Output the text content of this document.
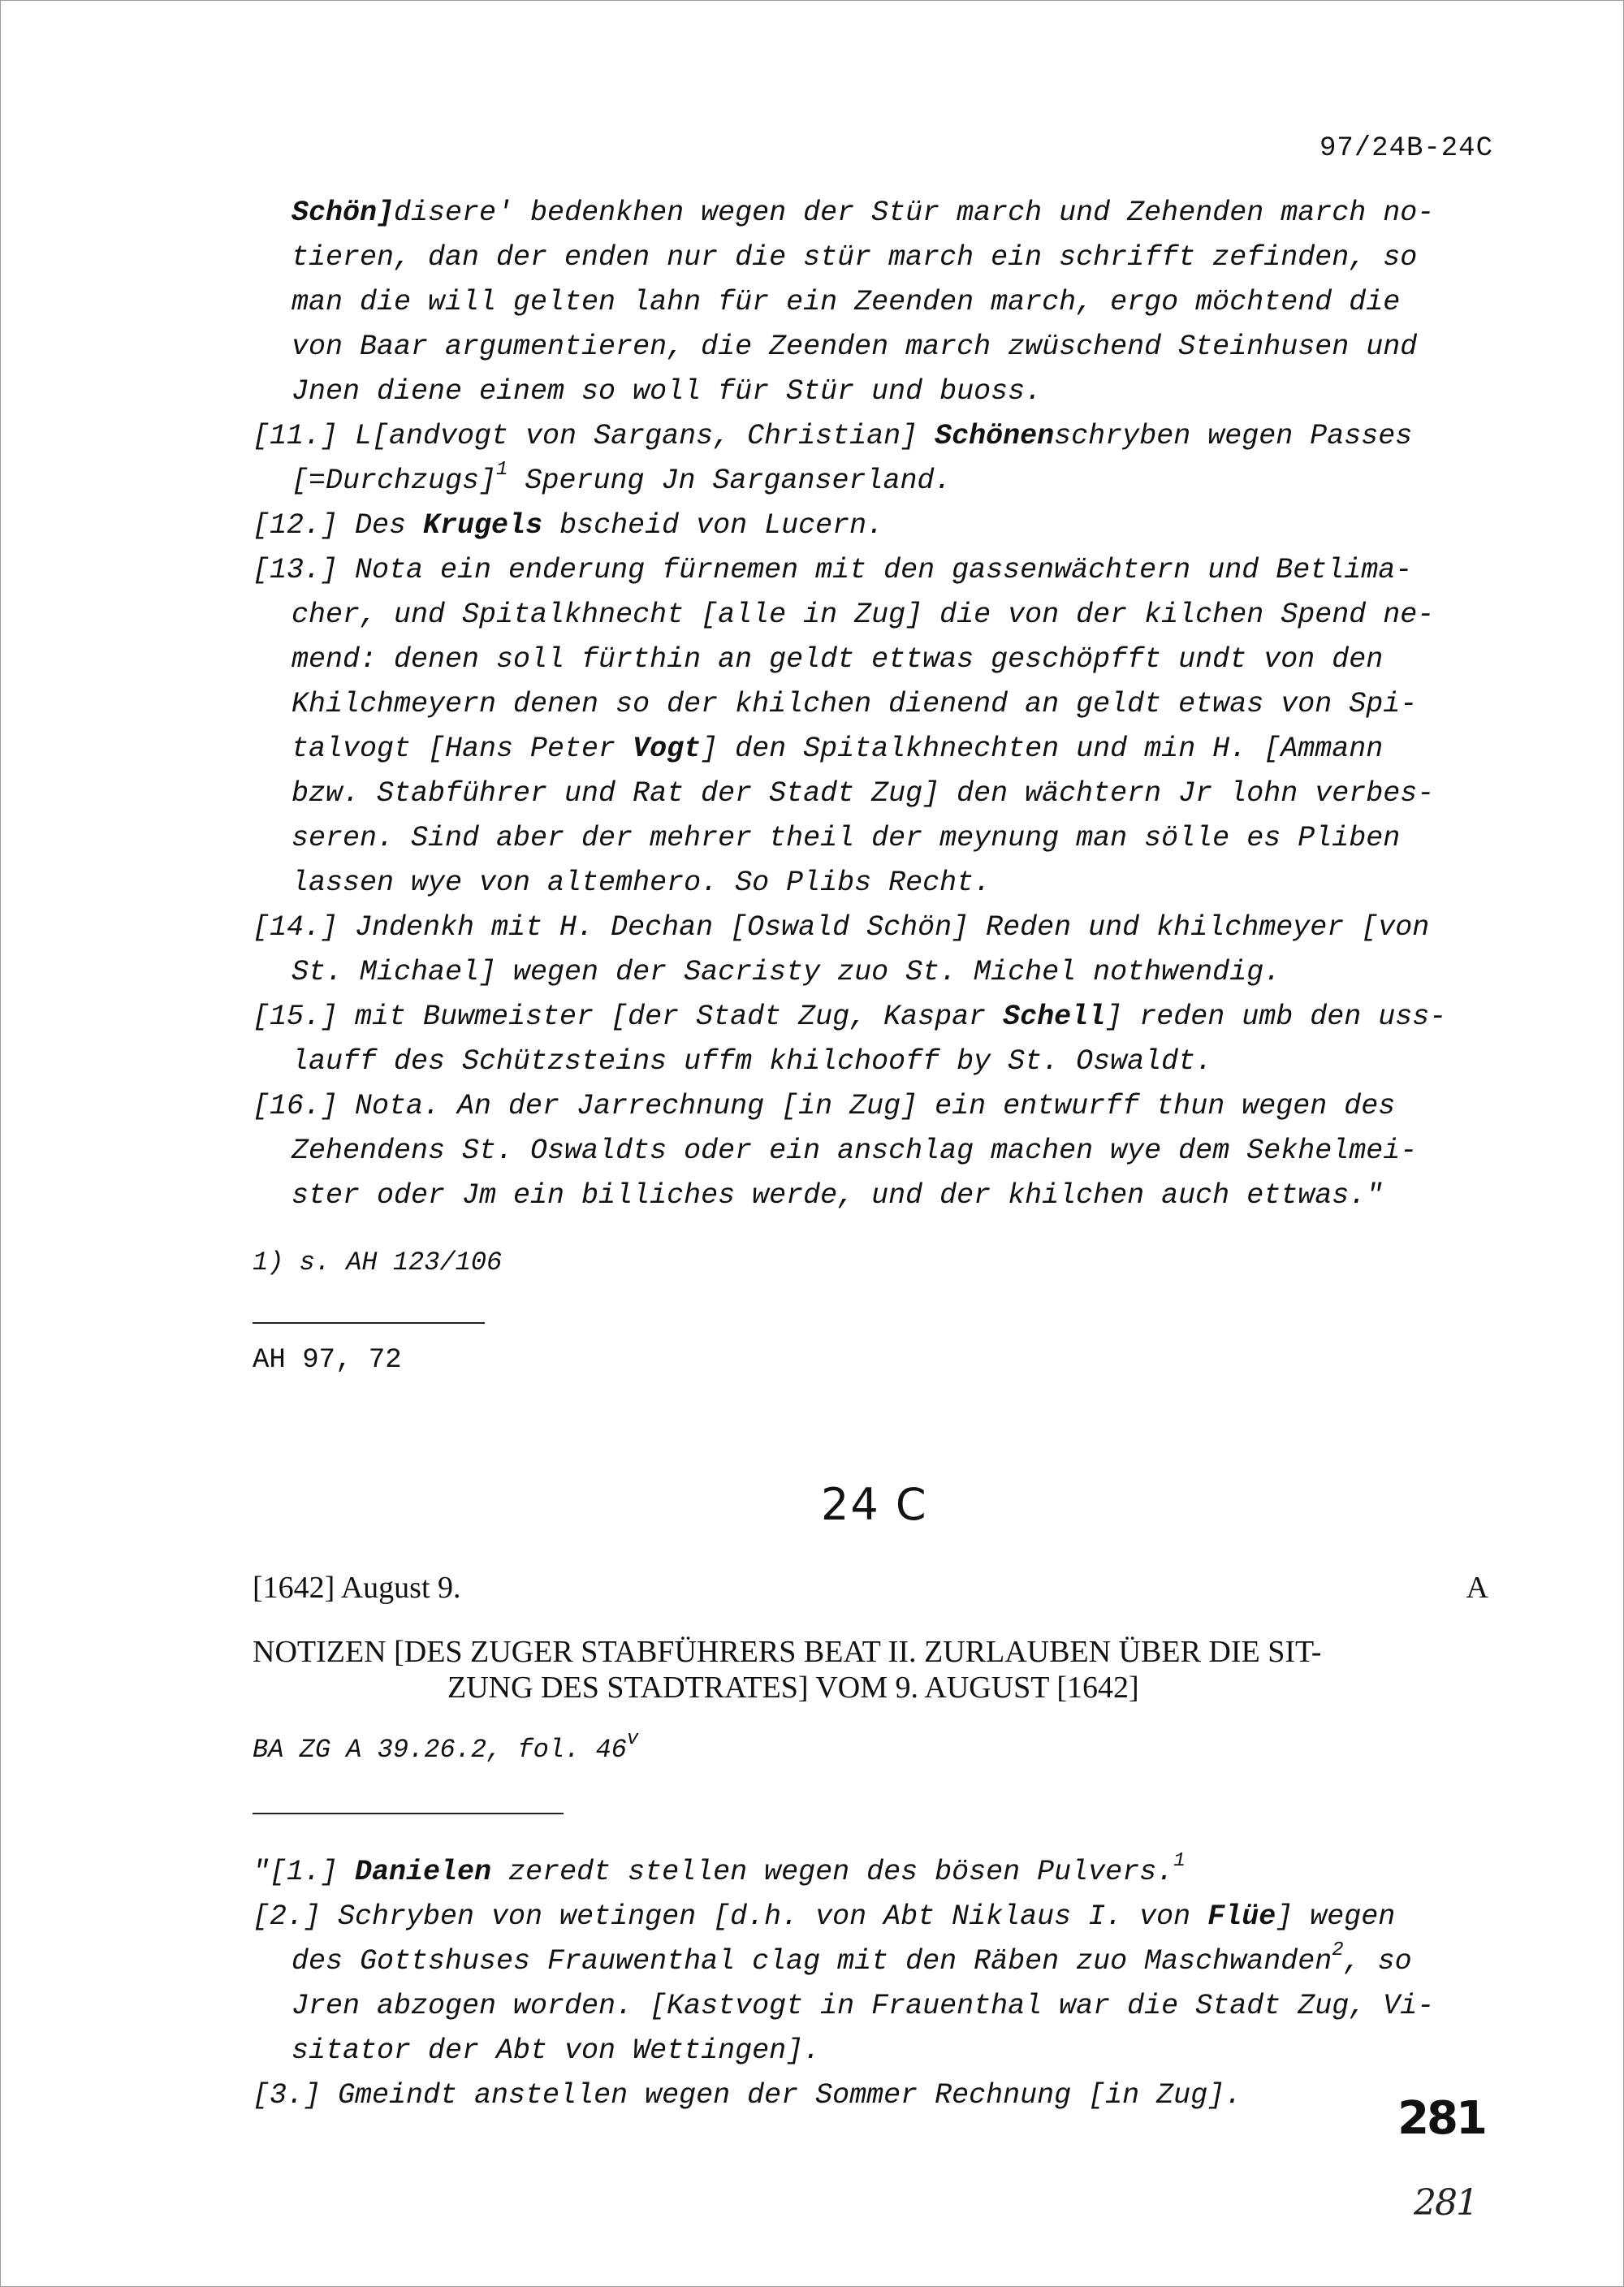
97/24B-24C
Schön]disere' bedenkhen wegen der Stür march und Zehenden march no-
tieren, dan der enden nur die stür march ein schrifft zefinden, so
man die will gelten lahn für ein Zeenden march, ergo möchtend die
von Baar argumentieren, die Zeenden march zwüschend Steinhusen und
Jnen diene einem so woll für Stür und buoss.
[11.] L[andvogt von Sargans, Christian] Schönenschryben wegen Passes
[=Durchzugs]$^1$ Sperung Jn Sarganserland.
[12.] Des Krugels bscheid von Lucern.
[13.] Nota ein enderung fürnemen mit den gassenwächtern und Betlima-
cher, und Spitalkhnecht [alle in Zug] die von der kilchen Spend ne-
mend: denen soll fürthin an geldt ettwas geschöpfft undt von den
Khilchmeyern denen so der khilchen dienend an geldt etwas von Spi-
talvogt [Hans Peter Vogt] den Spitalkhnechten und min H. [Ammann
bzw. Stabführer und Rat der Stadt Zug] den wächtern Jr lohn verbes-
seren. Sind aber der mehrer theil der meynung man sölle es Pliben
lassen wye von altemhero. So Plibs Recht.
[14.] Jndenkh mit H. Dechan [Oswald Schön] Reden und khilchmeyer [von
St. Michael] wegen der Sacristy zuo St. Michel nothwendig.
[15.] mit Buwmeister [der Stadt Zug, Kaspar Schell] reden umb den uss-
lauff des Schützsteins uffm khilchooff by St. Oswaldt.
[16.] Nota. An der Jarrechnung [in Zug] ein entwurff thun wegen des
Zehendens St. Oswaldts oder ein anschlag machen wye dem Sekhelmei-
ster oder Jm ein billiches werde, und der khilchen auch ettwas."
1) s. AH 123/106
AH 97, 72
24 C
[1642] August 9.	A
NOTIZEN [DES ZUGER STABFÜHRERS BEAT II. ZURLAUBEN ÜBER DIE SIT-
ZUNG DES STADTRATES] VOM 9. AUGUST [1642]
BA ZG A 39.26.2, fol. 46$^v$
"[1.] Danielen zeredt stellen wegen des bösen Pulvers.$^1$
[2.] Schryben von wetingen [d.h. von Abt Niklaus I. von Flüe] wegen
des Gottshuses Frauwenthal clag mit den Räben zuo Maschwanden$^2$, so
Jren abzogen worden. [Kastvogt in Frauenthal war die Stadt Zug, Vi-
sitator der Abt von Wettingen].
[3.] Gmeindt anstellen wegen der Sommer Rechnung [in Zug].	281
281
